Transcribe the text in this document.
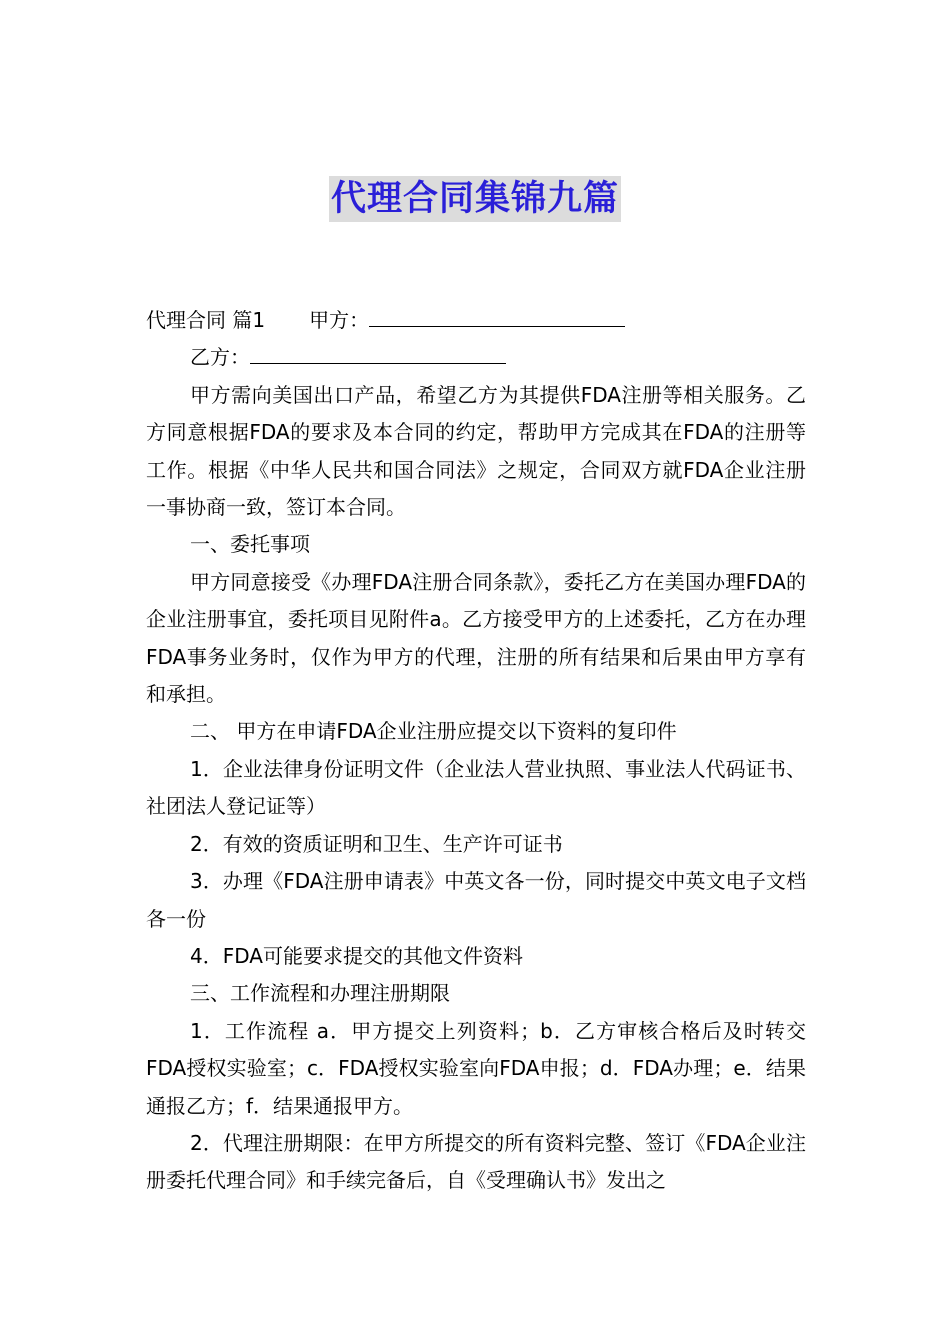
代理合同集锦九篇

代理合同 篇1 甲方：

乙方：

甲方需向美国出口产品，希望乙方为其提供FDA注册等相关服务。乙方同意根据FDA的要求及本合同的约定，帮助甲方完成其在FDA的注册等工作。根据《中华人民共和国合同法》之规定，合同双方就FDA企业注册一事协商一致，签订本合同。

一、委托事项

甲方同意接受《办理FDA注册合同条款》，委托乙方在美国办理FDA的企业注册事宜，委托项目见附件a。乙方接受甲方的上述委托，乙方在办理FDA事务业务时，仅作为甲方的代理，注册的所有结果和后果由甲方享有和承担。

二、 甲方在申请FDA企业注册应提交以下资料的复印件

1．企业法律身份证明文件（企业法人营业执照、事业法人代码证书、社团法人登记证等）

2．有效的资质证明和卫生、生产许可证书

3．办理《FDA注册申请表》中英文各一份，同时提交中英文电子文档各一份

4．FDA可能要求提交的其他文件资料

三、工作流程和办理注册期限

1．工作流程 a．甲方提交上列资料；b．乙方审核合格后及时转交FDA授权实验室；c．FDA授权实验室向FDA申报；d．FDA办理；e．结果通报乙方；f．结果通报甲方。

2．代理注册期限：在甲方所提交的所有资料完整、签订《FDA企业注册委托代理合同》和手续完备后，自《受理确认书》发出之
